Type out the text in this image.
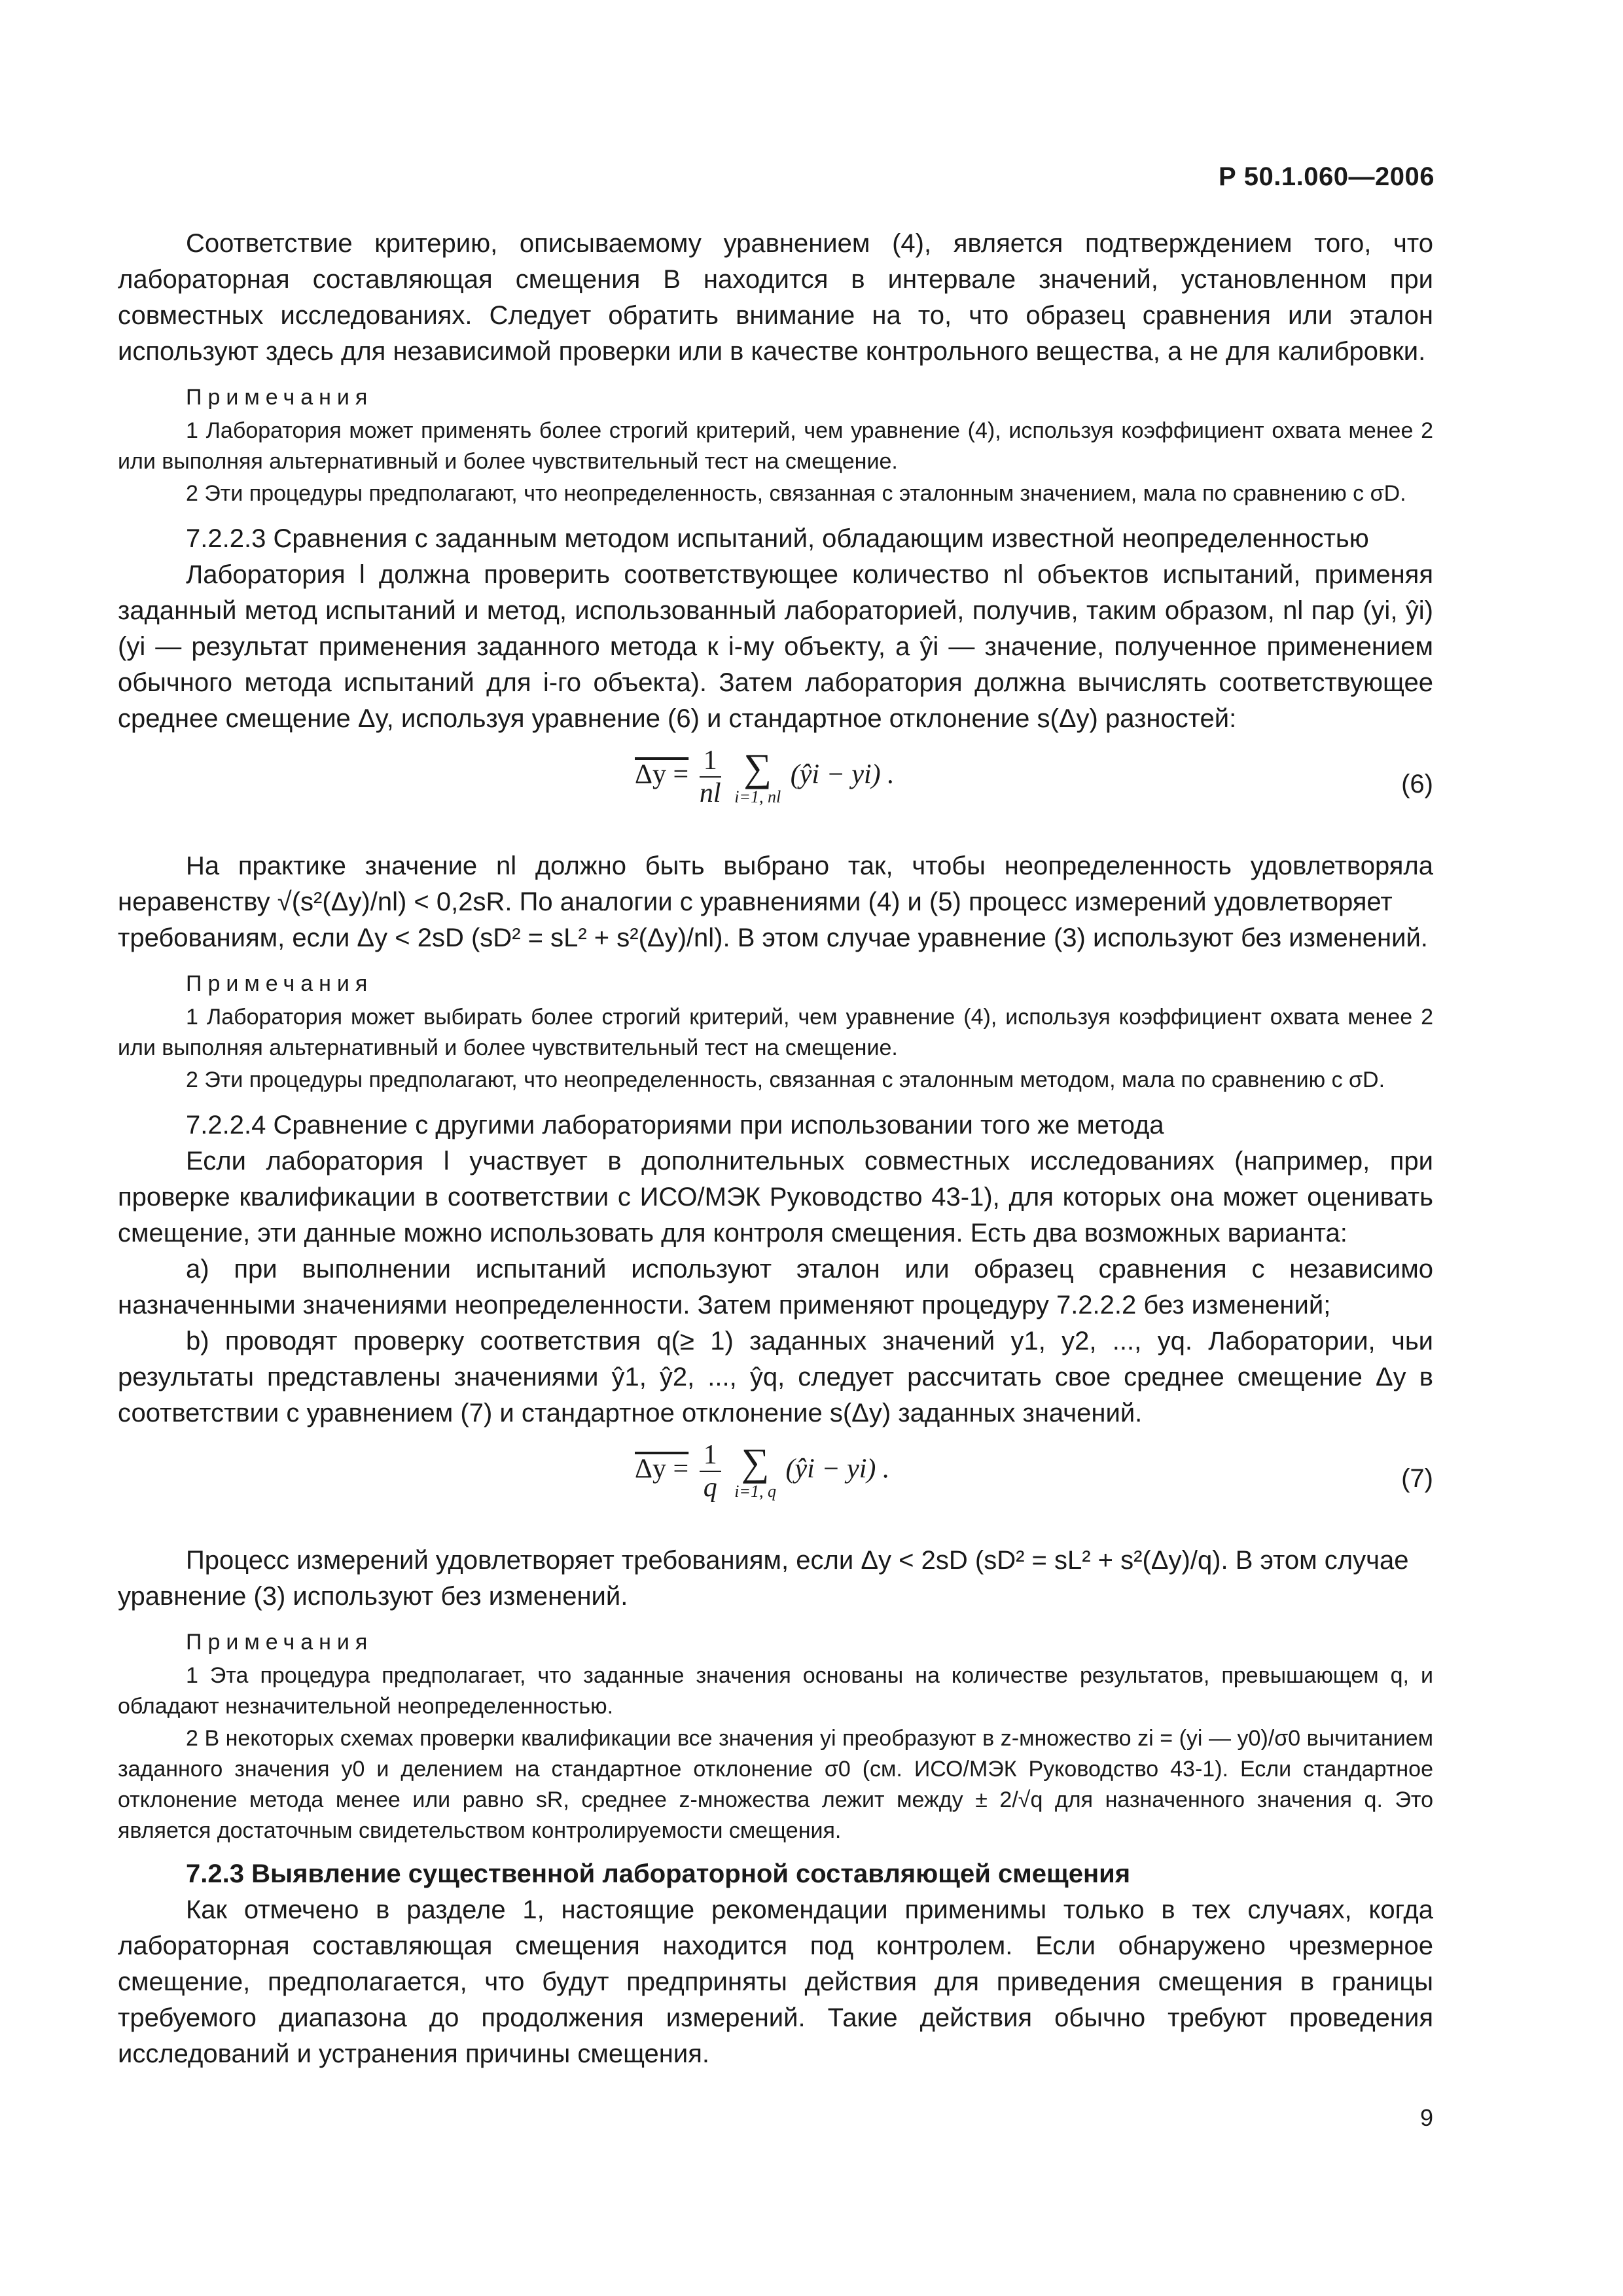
Р 50.1.060—2006

Соответствие критерию, описываемому уравнением (4), является подтверждением того, что лабораторная составляющая смещения B находится в интервале значений, установленном при совместных исследованиях. Следует обратить внимание на то, что образец сравнения или эталон используют здесь для независимой проверки или в качестве контрольного вещества, а не для калибровки.

Примечания

1 Лаборатория может применять более строгий критерий, чем уравнение (4), используя коэффициент охвата менее 2 или выполняя альтернативный и более чувствительный тест на смещение.

2 Эти процедуры предполагают, что неопределенность, связанная с эталонным значением, мала по сравнению с σD.

7.2.2.3 Сравнения с заданным методом испытаний, обладающим известной неопределенностью

Лаборатория l должна проверить соответствующее количество nl объектов испытаний, применяя заданный метод испытаний и метод, использованный лабораторией, получив, таким образом, nl пар (yi, ŷi) (yi — результат применения заданного метода к i-му объекту, а ŷi — значение, полученное применением обычного метода испытаний для i-го объекта). Затем лаборатория должна вычислять соответствующее среднее смещение Δy, используя уравнение (6) и стандартное отклонение s(Δy) разностей:

$\Delta y = \frac{1}{nl}$
∑
i=1, nl
(ŷi − yi) .	(6)

На практике значение nl должно быть выбрано так, чтобы неопределенность удовлетворяла неравенству √(s²(Δy)/nl) < 0,2sR. По аналогии с уравнениями (4) и (5) процесс измерений удовлетворяет

требованиям, если Δy < 2sD (sD² = sL² + s²(Δy)/nl). В этом случае уравнение (3) используют без изменений.

Примечания

1 Лаборатория может выбирать более строгий критерий, чем уравнение (4), используя коэффициент охвата менее 2 или выполняя альтернативный и более чувствительный тест на смещение.

2 Эти процедуры предполагают, что неопределенность, связанная с эталонным методом, мала по сравнению с σD.

7.2.2.4 Сравнение с другими лабораториями при использовании того же метода

Если лаборатория l участвует в дополнительных совместных исследованиях (например, при проверке квалификации в соответствии с ИСО/МЭК Руководство 43-1), для которых она может оценивать смещение, эти данные можно использовать для контроля смещения. Есть два возможных варианта:

а) при выполнении испытаний используют эталон или образец сравнения с независимо назначенными значениями неопределенности. Затем применяют процедуру 7.2.2.2 без изменений;

b) проводят проверку соответствия q(≥ 1) заданных значений y1, y2, ..., yq. Лаборатории, чьи результаты представлены значениями ŷ1, ŷ2, ..., ŷq, следует рассчитать свое среднее смещение Δy в соответствии с уравнением (7) и стандартное отклонение s(Δy) заданных значений.

$\Delta y = \frac{1}{q}$
∑
i=1, q
(ŷi − yi) .	(7)

Процесс измерений удовлетворяет требованиям, если Δy < 2sD (sD² = sL² + s²(Δy)/q). В этом случае

уравнение (3) используют без изменений.

Примечания

1 Эта процедура предполагает, что заданные значения основаны на количестве результатов, превышающем q, и обладают незначительной неопределенностью.

2 В некоторых схемах проверки квалификации все значения yi преобразуют в z-множество zi = (yi — y0)/σ0 вычитанием заданного значения y0 и делением на стандартное отклонение σ0 (см. ИСО/МЭК Руководство 43-1). Если стандартное отклонение метода менее или равно sR, среднее z-множества лежит между ± 2/√q для назначенного значения q. Это является достаточным свидетельством контролируемости смещения.

7.2.3 Выявление существенной лабораторной составляющей смещения

Как отмечено в разделе 1, настоящие рекомендации применимы только в тех случаях, когда лабораторная составляющая смещения находится под контролем. Если обнаружено чрезмерное смещение, предполагается, что будут предприняты действия для приведения смещения в границы требуемого диапазона до продолжения измерений. Такие действия обычно требуют проведения исследований и устранения причины смещения.

9
